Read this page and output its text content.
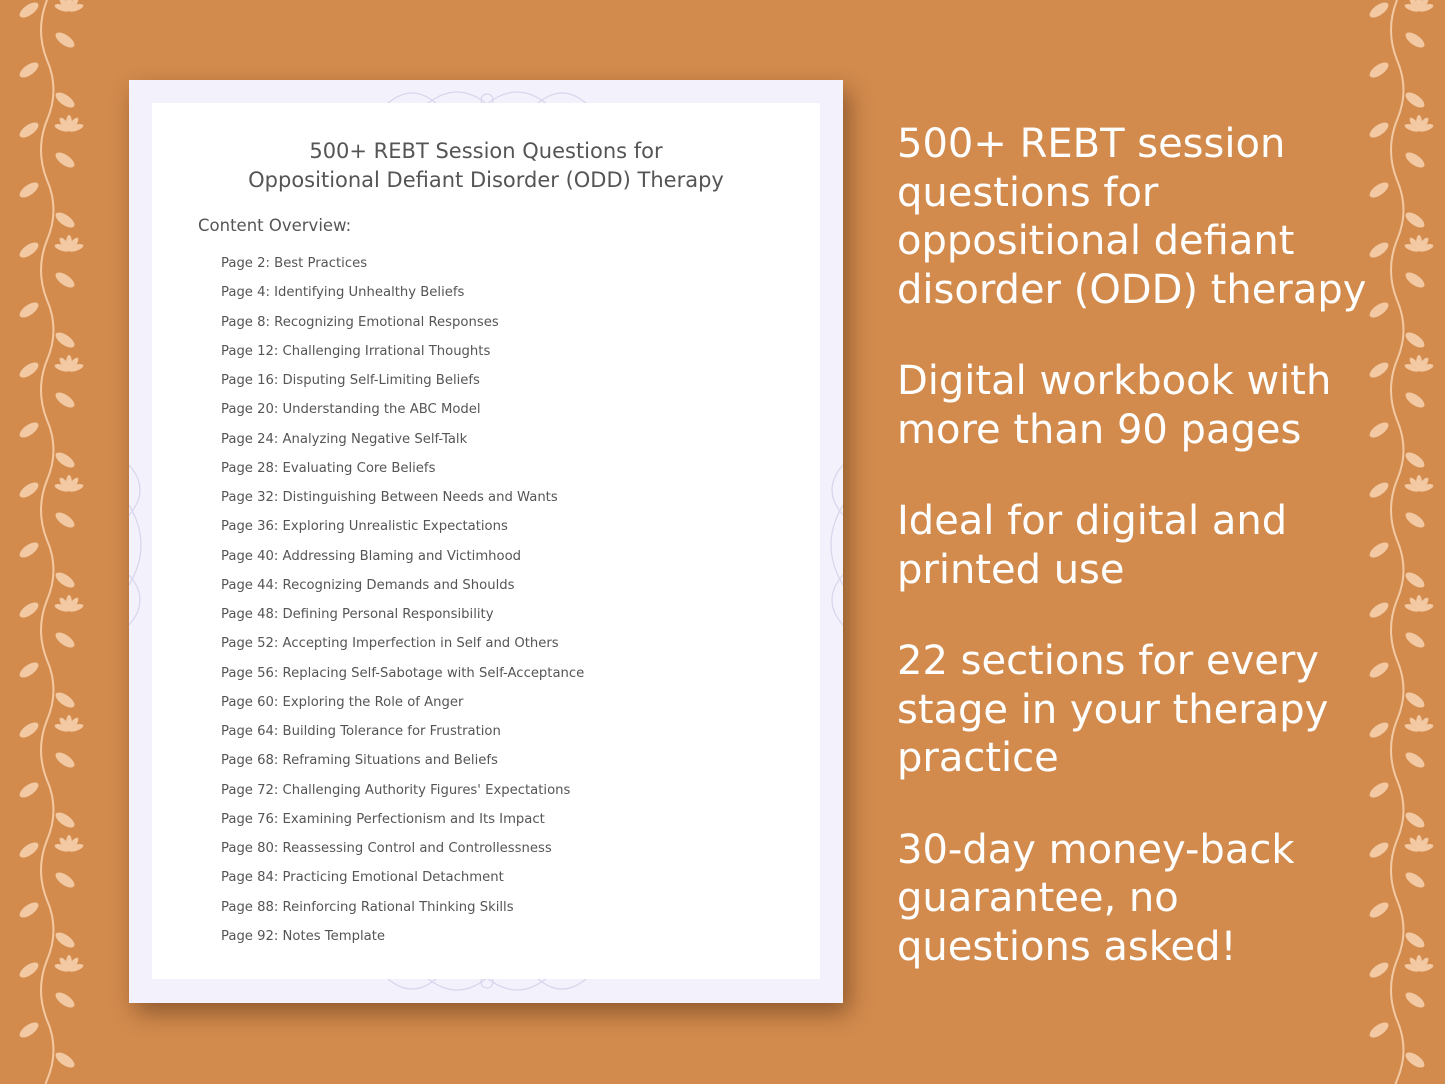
500+ REBT Session Questions for
Oppositional Defiant Disorder (ODD) Therapy
Content Overview:
Page 2: Best Practices
Page 4: Identifying Unhealthy Beliefs
Page 8: Recognizing Emotional Responses
Page 12: Challenging Irrational Thoughts
Page 16: Disputing Self-Limiting Beliefs
Page 20: Understanding the ABC Model
Page 24: Analyzing Negative Self-Talk
Page 28: Evaluating Core Beliefs
Page 32: Distinguishing Between Needs and Wants
Page 36: Exploring Unrealistic Expectations
Page 40: Addressing Blaming and Victimhood
Page 44: Recognizing Demands and Shoulds
Page 48: Defining Personal Responsibility
Page 52: Accepting Imperfection in Self and Others
Page 56: Replacing Self-Sabotage with Self-Acceptance
Page 60: Exploring the Role of Anger
Page 64: Building Tolerance for Frustration
Page 68: Reframing Situations and Beliefs
Page 72: Challenging Authority Figures' Expectations
Page 76: Examining Perfectionism and Its Impact
Page 80: Reassessing Control and Controllessness
Page 84: Practicing Emotional Detachment
Page 88: Reinforcing Rational Thinking Skills
Page 92: Notes Template
500+ REBT session
questions for
oppositional defiant
disorder (ODD) therapy
Digital workbook with
more than 90 pages
Ideal for digital and
printed use
22 sections for every
stage in your therapy
practice
30-day money-back
guarantee, no
questions asked!
